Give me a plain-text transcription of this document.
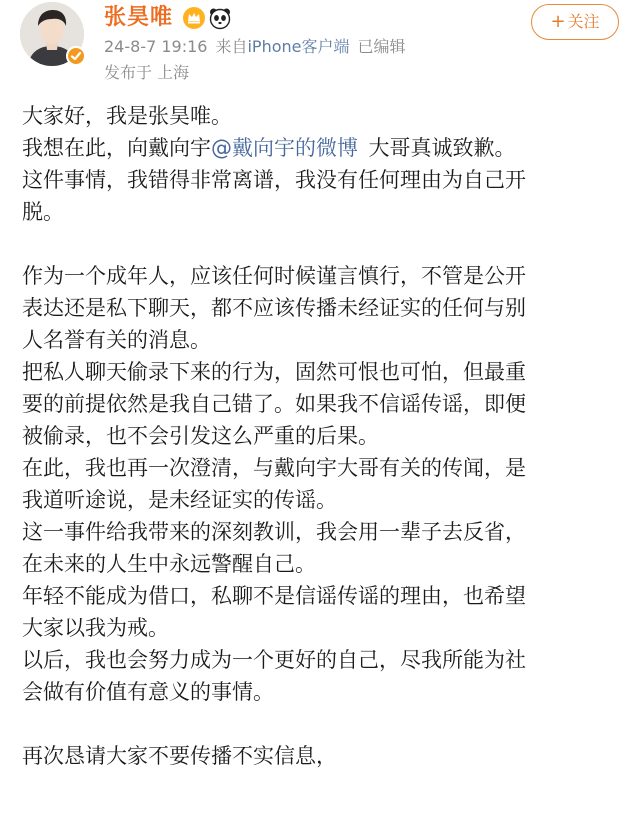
张昊唯
24-8-7 19:16 来自iPhone客户端 已编辑
发布于 上海
+ 关注

大家好，我是张昊唯。

我想在此，向戴向宇@戴向宇的微博  大哥真诚致歉。

这件事情，我错得非常离谱，我没有任何理由为自己开

脱。

作为一个成年人，应该任何时候谨言慎行，不管是公开

表达还是私下聊天，都不应该传播未经证实的任何与别

人名誉有关的消息。

把私人聊天偷录下来的行为，固然可恨也可怕，但最重

要的前提依然是我自己错了。如果我不信谣传谣，即便

被偷录，也不会引发这么严重的后果。

在此，我也再一次澄清，与戴向宇大哥有关的传闻，是

我道听途说，是未经证实的传谣。

这一事件给我带来的深刻教训，我会用一辈子去反省，

在未来的人生中永远警醒自己。

年轻不能成为借口，私聊不是信谣传谣的理由，也希望

大家以我为戒。

以后，我也会努力成为一个更好的自己，尽我所能为社

会做有价值有意义的事情。

再次恳请大家不要传播不实信息，
